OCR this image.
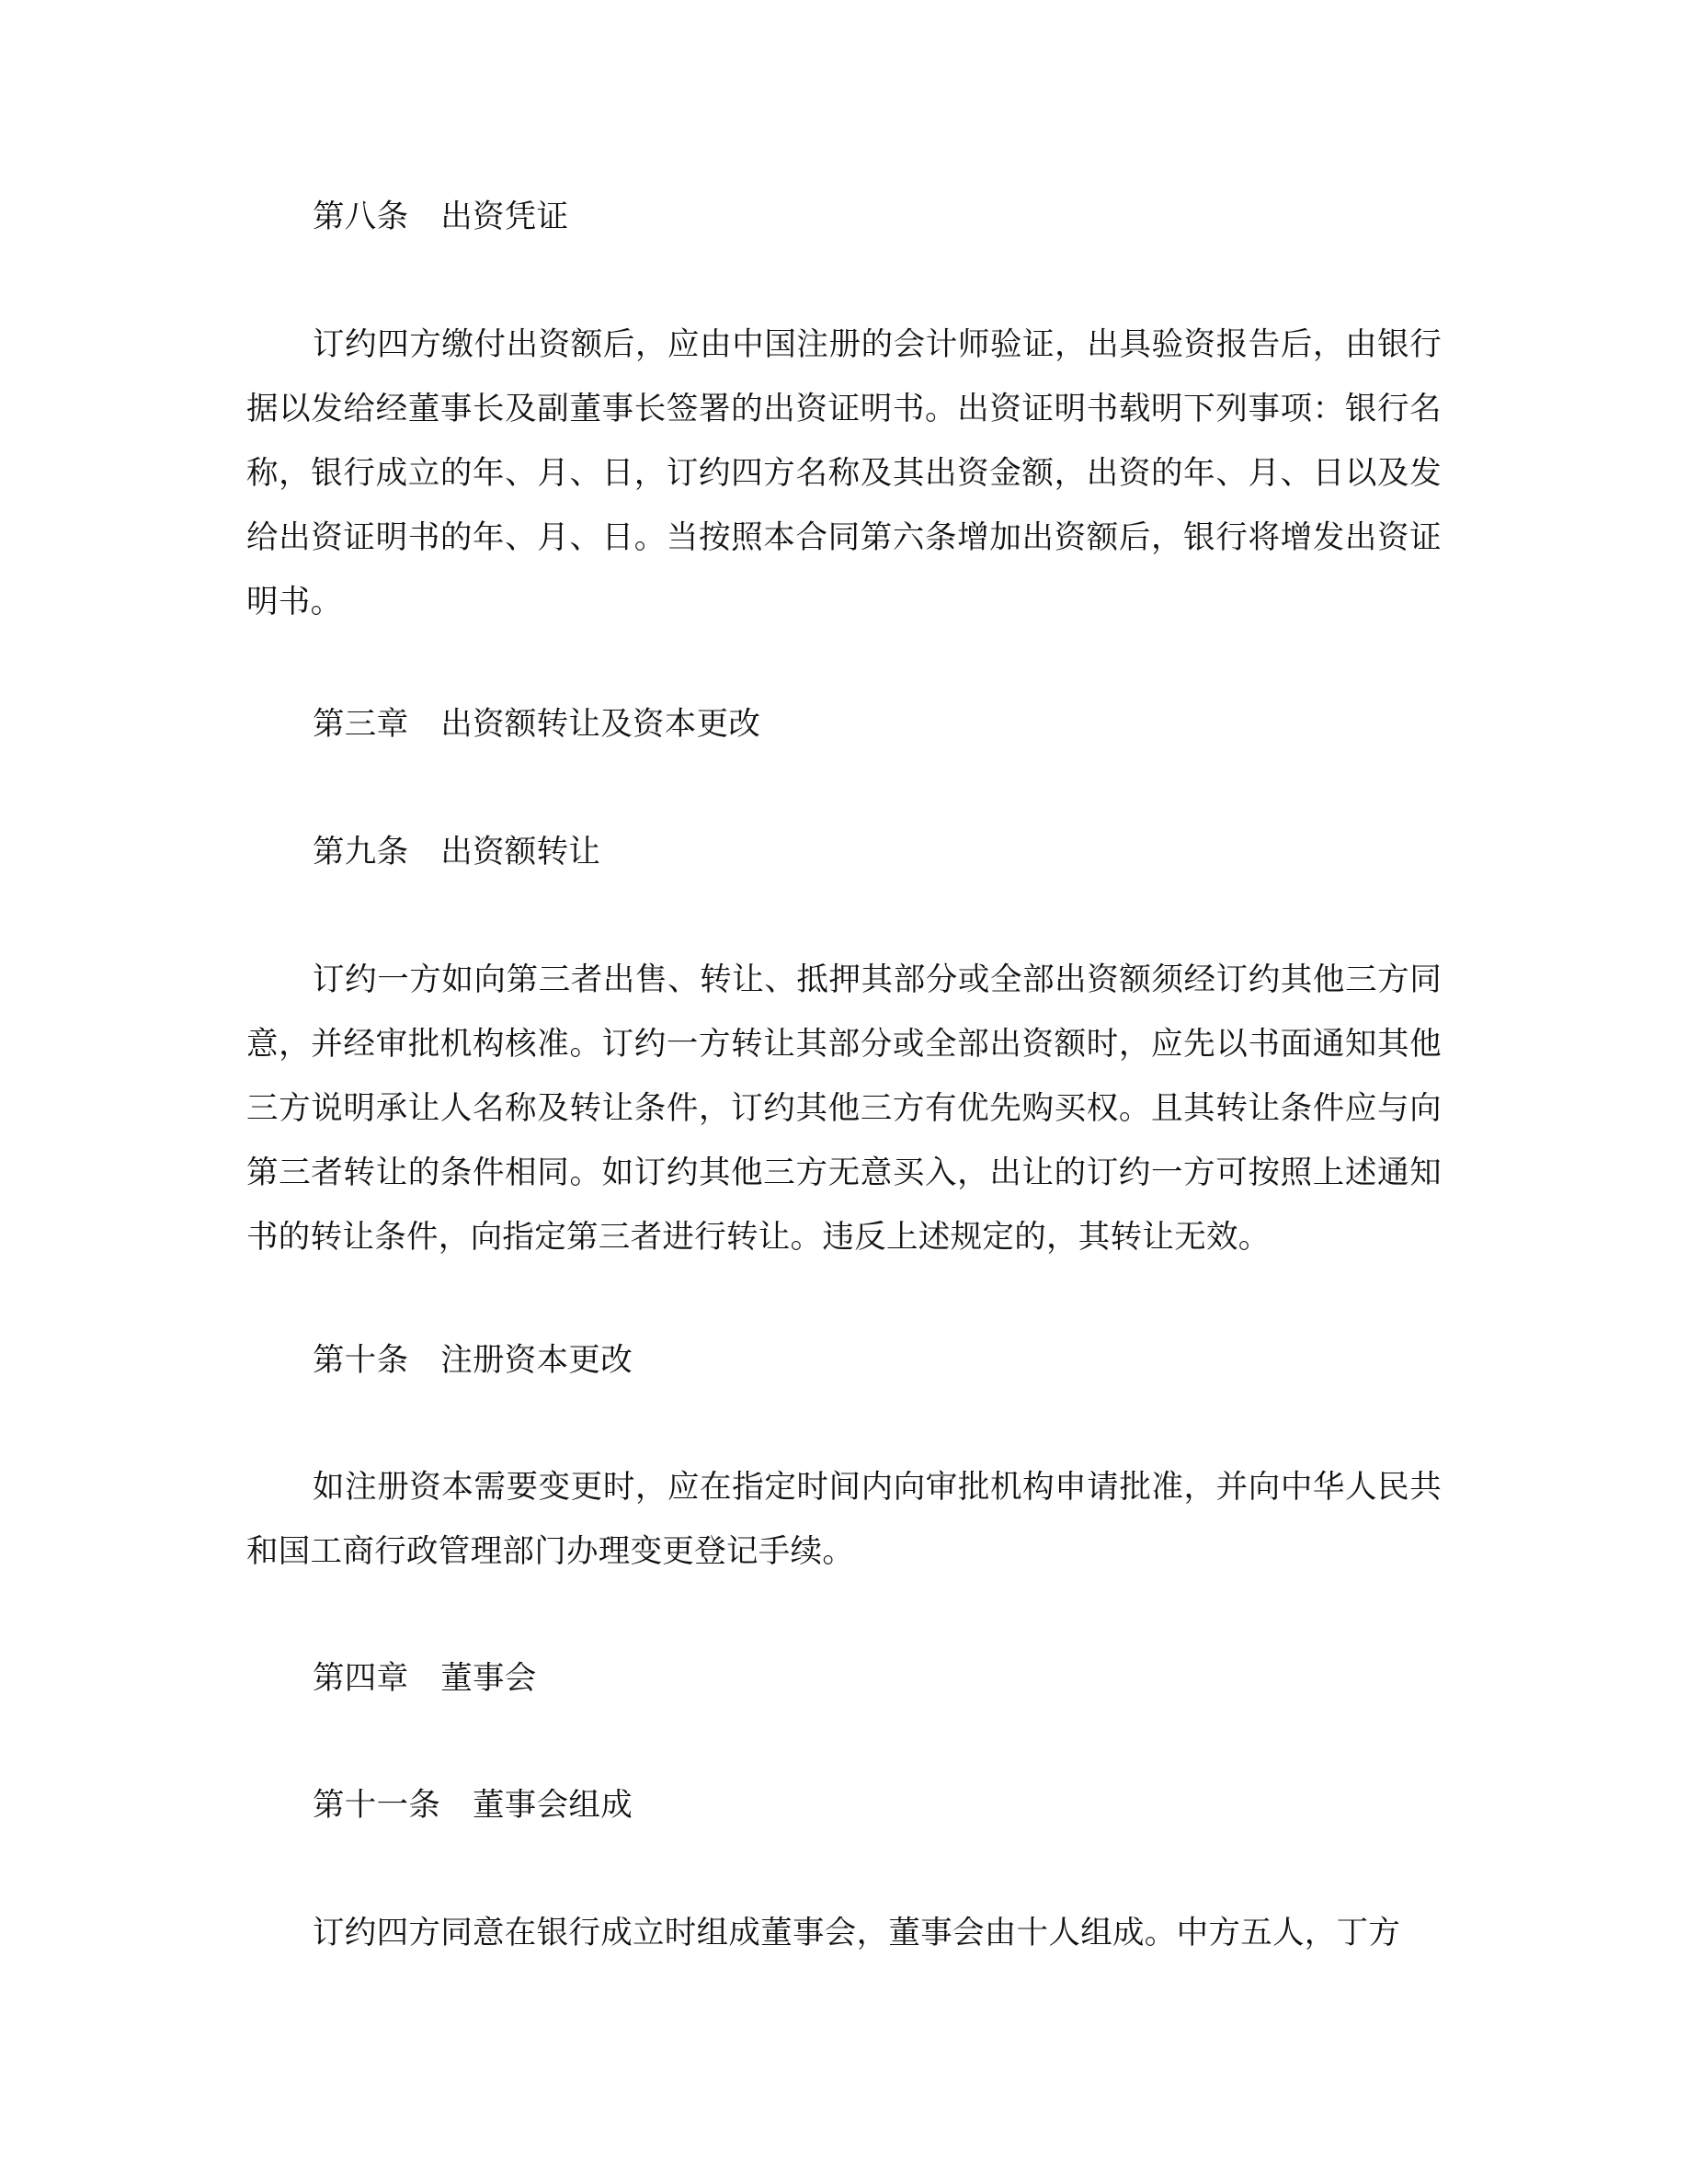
第八条　出资凭证
订约四方缴付出资额后，应由中国注册的会计师验证，出具验资报告后，由银行据以发给经董事长及副董事长签署的出资证明书。出资证明书载明下列事项：银行名称，银行成立的年、月、日，订约四方名称及其出资金额，出资的年、月、日以及发给出资证明书的年、月、日。当按照本合同第六条增加出资额后，银行将增发出资证明书。
第三章　出资额转让及资本更改
第九条　出资额转让
订约一方如向第三者出售、转让、抵押其部分或全部出资额须经订约其他三方同意，并经审批机构核准。订约一方转让其部分或全部出资额时，应先以书面通知其他三方说明承让人名称及转让条件，订约其他三方有优先购买权。且其转让条件应与向第三者转让的条件相同。如订约其他三方无意买入，出让的订约一方可按照上述通知书的转让条件，向指定第三者进行转让。违反上述规定的，其转让无效。
第十条　注册资本更改
如注册资本需要变更时，应在指定时间内向审批机构申请批准，并向中华人民共和国工商行政管理部门办理变更登记手续。
第四章　董事会
第十一条　董事会组成
订约四方同意在银行成立时组成董事会，董事会由十人组成。中方五人，丁方
